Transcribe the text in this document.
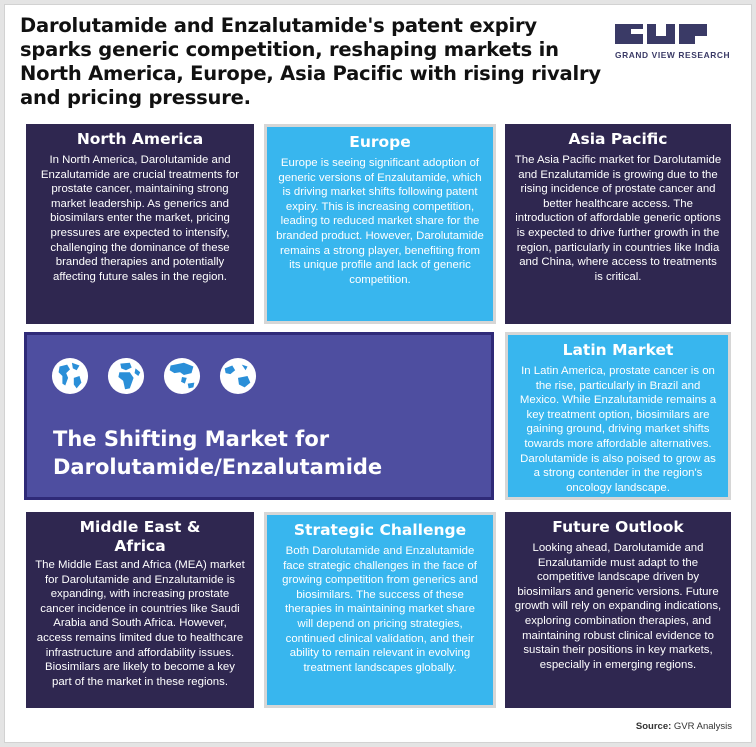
Darolutamide and Enzalutamide's patent expiry sparks generic competition, reshaping markets in North America, Europe, Asia Pacific with rising rivalry and pricing pressure.
GRAND VIEW RESEARCH
North America

In North America, Darolutamide and Enzalutamide are crucial treatments for prostate cancer, maintaining strong market leadership. As generics and biosimilars enter the market, pricing pressures are expected to intensify, challenging the dominance of these branded therapies and potentially affecting future sales in the region.

Europe

Europe is seeing significant adoption of generic versions of Enzalutamide, which is driving market shifts following patent expiry. This is increasing competition, leading to reduced market share for the branded product. However, Darolutamide remains a strong player, benefiting from its unique profile and lack of generic competition.

Asia Pacific

The Asia Pacific market for Darolutamide and Enzalutamide is growing due to the rising incidence of prostate cancer and better healthcare access. The introduction of affordable generic options is expected to drive further growth in the region, particularly in countries like India and China, where access to treatments is critical.

The Shifting Market for
Darolutamide/Enzalutamide
Latin Market

In Latin America, prostate cancer is on the rise, particularly in Brazil and Mexico. While Enzalutamide remains a key treatment option, biosimilars are gaining ground, driving market shifts towards more affordable alternatives. Darolutamide is also poised to grow as a strong contender in the region's oncology landscape.

Middle East & Africa

The Middle East and Africa (MEA) market for Darolutamide and Enzalutamide is expanding, with increasing prostate cancer incidence in countries like Saudi Arabia and South Africa. However, access remains limited due to healthcare infrastructure and affordability issues. Biosimilars are likely to become a key part of the market in these regions.

Strategic Challenge

Both Darolutamide and Enzalutamide face strategic challenges in the face of growing competition from generics and biosimilars. The success of these therapies in maintaining market share will depend on pricing strategies, continued clinical validation, and their ability to remain relevant in evolving treatment landscapes globally.

Future Outlook

Looking ahead, Darolutamide and Enzalutamide must adapt to the competitive landscape driven by biosimilars and generic versions. Future growth will rely on expanding indications, exploring combination therapies, and maintaining robust clinical evidence to sustain their positions in key markets, especially in emerging regions.

Source: GVR Analysis
